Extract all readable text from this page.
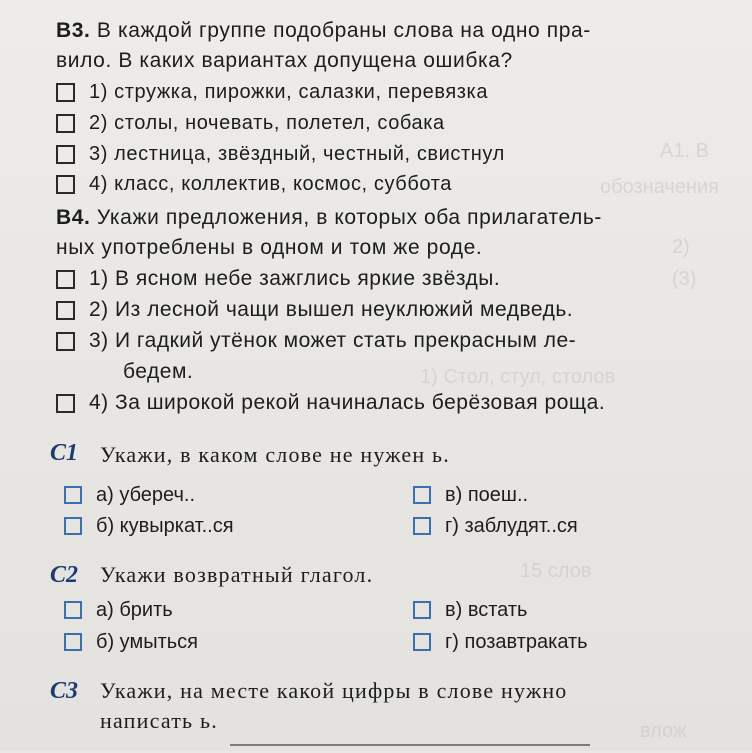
А1. В
обозначения
2)
(3)
1) Стол, стул, столов
15 слов
влож
В3. В каждой группе подобраны слова на одно пра-
вило. В каких вариантах допущена ошибка?
1) стружка, пирожки, салазки, перевязка
2) столы, ночевать, полетел, собака
3) лестница, звёздный, честный, свистнул
4) класс, коллектив, космос, суббота
В4. Укажи предложения, в которых оба прилагатель-
ных употреблены в одном и том же роде.
1) В ясном небе зажглись яркие звёзды.
2) Из лесной чащи вышел неуклюжий медведь.
3) И гадкий утёнок может стать прекрасным ле-
бедем.
4) За широкой рекой начиналась берёзовая роща.
С1 Укажи, в каком слове не нужен ь.
а) убереч..	в) поеш..
б) кувыркат..ся	г) заблудят..ся
С2 Укажи возвратный глагол.
а) брить	в) встать
б) умыться	г) позавтракать
С3 Укажи, на месте какой цифры в слове нужно
написать ь.
